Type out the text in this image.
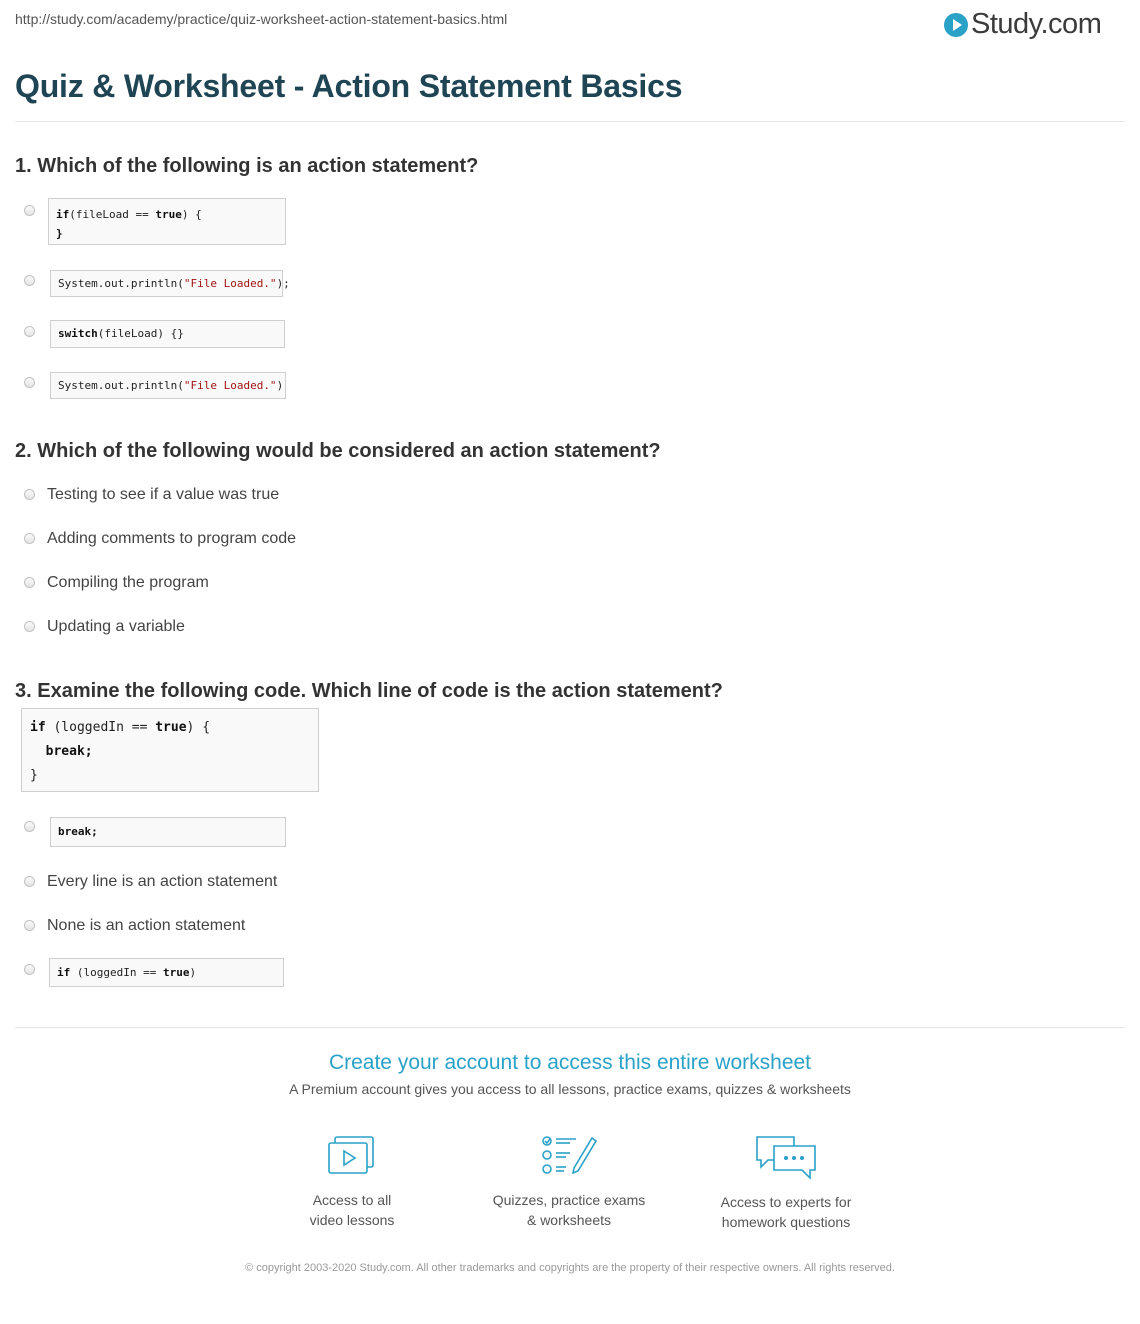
http://study.com/academy/practice/quiz-worksheet-action-statement-basics.html	Study.com
Quiz & Worksheet - Action Statement Basics
1. Which of the following is an action statement?
if(fileLoad == true) {
}
System.out.println("File Loaded.");
switch(fileLoad) {}
System.out.println("File Loaded.")
2. Which of the following would be considered an action statement?
Testing to see if a value was true
Adding comments to program code
Compiling the program
Updating a variable
3. Examine the following code. Which line of code is the action statement?
if (loggedIn == true) {
break;
}
break;
Every line is an action statement
None is an action statement
if (loggedIn == true)
Create your account to access this entire worksheet
A Premium account gives you access to all lessons, practice exams, quizzes & worksheets
Access to all
video lessons
Quizzes, practice exams
& worksheets
Access to experts for
homework questions
© copyright 2003-2020 Study.com. All other trademarks and copyrights are the property of their respective owners. All rights reserved.
